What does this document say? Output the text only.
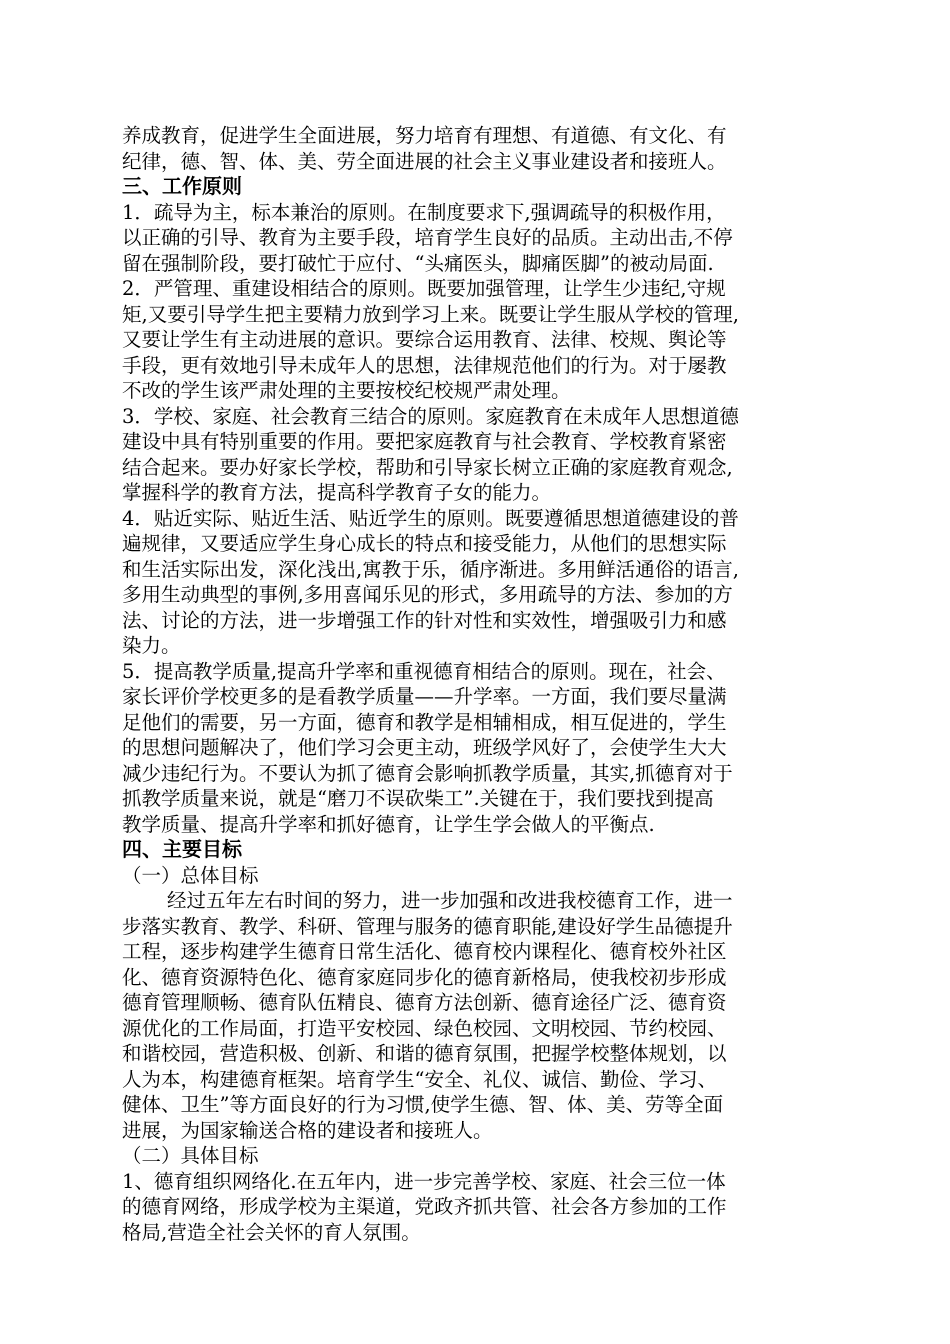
养成教育，促进学生全面进展，努力培育有理想、有道德、有文化、有
纪律，德、智、体、美、劳全面进展的社会主义事业建设者和接班人。
三、工作原则
1．疏导为主，标本兼治的原则。在制度要求下,强调疏导的积极作用，
以正确的引导、教育为主要手段，培育学生良好的品质。主动出击,不停
留在强制阶段，要打破忙于应付、“头痛医头，脚痛医脚”的被动局面.
2．严管理、重建设相结合的原则。既要加强管理，让学生少违纪,守规
矩,又要引导学生把主要精力放到学习上来。既要让学生服从学校的管理,
又要让学生有主动进展的意识。要综合运用教育、法律、校规、舆论等
手段，更有效地引导未成年人的思想，法律规范他们的行为。对于屡教
不改的学生该严肃处理的主要按校纪校规严肃处理。
3．学校、家庭、社会教育三结合的原则。家庭教育在未成年人思想道德
建设中具有特别重要的作用。要把家庭教育与社会教育、学校教育紧密
结合起来。要办好家长学校，帮助和引导家长树立正确的家庭教育观念,
掌握科学的教育方法，提高科学教育子女的能力。
4．贴近实际、贴近生活、贴近学生的原则。既要遵循思想道德建设的普
遍规律，又要适应学生身心成长的特点和接受能力，从他们的思想实际
和生活实际出发，深化浅出,寓教于乐，循序渐进。多用鲜活通俗的语言,
多用生动典型的事例,多用喜闻乐见的形式，多用疏导的方法、参加的方
法、讨论的方法，进一步增强工作的针对性和实效性，增强吸引力和感
染力。
5．提高教学质量,提高升学率和重视德育相结合的原则。现在，社会、
家长评价学校更多的是看教学质量——升学率。一方面，我们要尽量满
足他们的需要，另一方面，德育和教学是相辅相成，相互促进的，学生
的思想问题解决了，他们学习会更主动，班级学风好了，会使学生大大
减少违纪行为。不要认为抓了德育会影响抓教学质量，其实,抓德育对于
抓教学质量来说，就是“磨刀不误砍柴工”.关键在于，我们要找到提高
教学质量、提高升学率和抓好德育，让学生学会做人的平衡点.
四、主要目标
（一）总体目标
经过五年左右时间的努力，进一步加强和改进我校德育工作，进一
步落实教育、教学、科研、管理与服务的德育职能,建设好学生品德提升
工程，逐步构建学生德育日常生活化、德育校内课程化、德育校外社区
化、德育资源特色化、德育家庭同步化的德育新格局，使我校初步形成
德育管理顺畅、德育队伍精良、德育方法创新、德育途径广泛、德育资
源优化的工作局面，打造平安校园、绿色校园、文明校园、节约校园、
和谐校园，营造积极、创新、和谐的德育氛围，把握学校整体规划，以
人为本，构建德育框架。培育学生“安全、礼仪、诚信、勤俭、学习、
健体、卫生”等方面良好的行为习惯,使学生德、智、体、美、劳等全面
进展，为国家输送合格的建设者和接班人。
（二）具体目标
1、德育组织网络化.在五年内，进一步完善学校、家庭、社会三位一体
的德育网络，形成学校为主渠道，党政齐抓共管、社会各方参加的工作
格局,营造全社会关怀的育人氛围。
